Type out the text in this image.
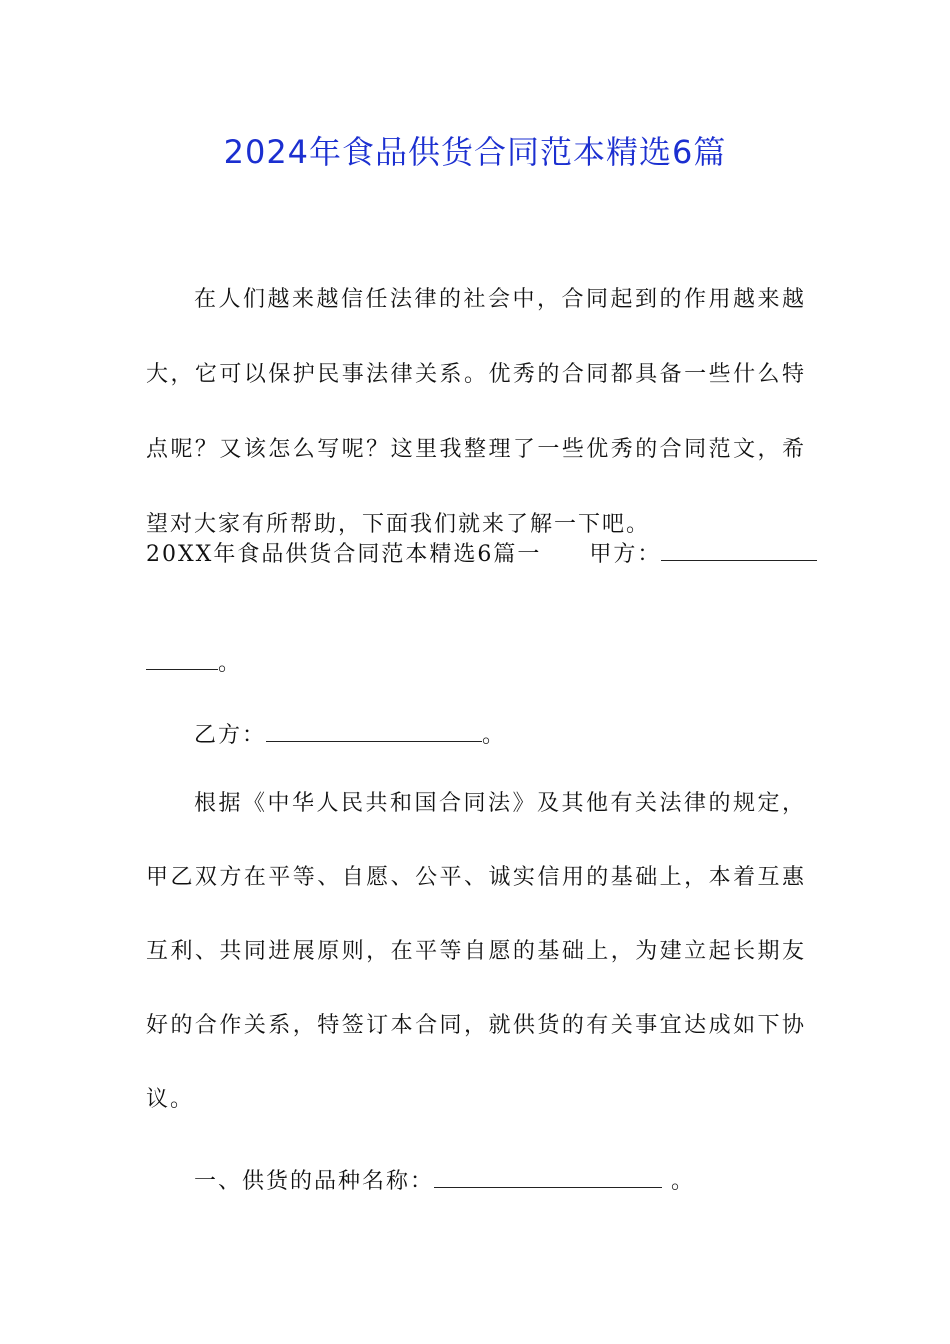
2024年食品供货合同范本精选6篇

在人们越来越信任法律的社会中，合同起到的作用越来越大，它可以保护民事法律关系。优秀的合同都具备一些什么特点呢？又该怎么写呢？这里我整理了一些优秀的合同范文，希望对大家有所帮助，下面我们就来了解一下吧。

20XX年食品供货合同范本精选6篇一 甲方：
。
乙方：	。

根据《中华人民共和国合同法》及其他有关法律的规定，甲乙双方在平等、自愿、公平、诚实信用的基础上，本着互惠互利、共同进展原则，在平等自愿的基础上，为建立起长期友好的合作关系，特签订本合同，就供货的有关事宜达成如下协议。

一、供货的品种名称：	。
